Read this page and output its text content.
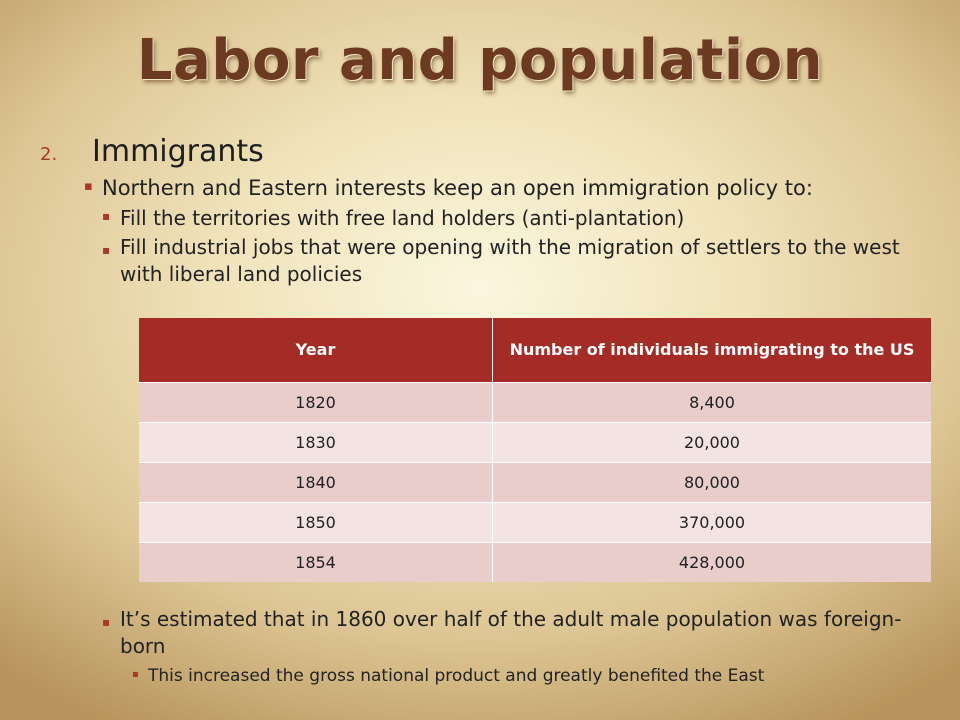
Labor and population
2. Immigrants
▪ Northern and Eastern interests keep an open immigration policy to:
▪ Fill the territories with free land holders (anti-plantation)
▪ Fill industrial jobs that were opening with the migration of settlers to the west with liberal land policies
Year	Number of individuals immigrating to the US
1820	8,400
1830	20,000
1840	80,000
1850	370,000
1854	428,000
▪ It’s estimated that in 1860 over half of the adult male population was foreign-born
▪ This increased the gross national product and greatly benefited the East
